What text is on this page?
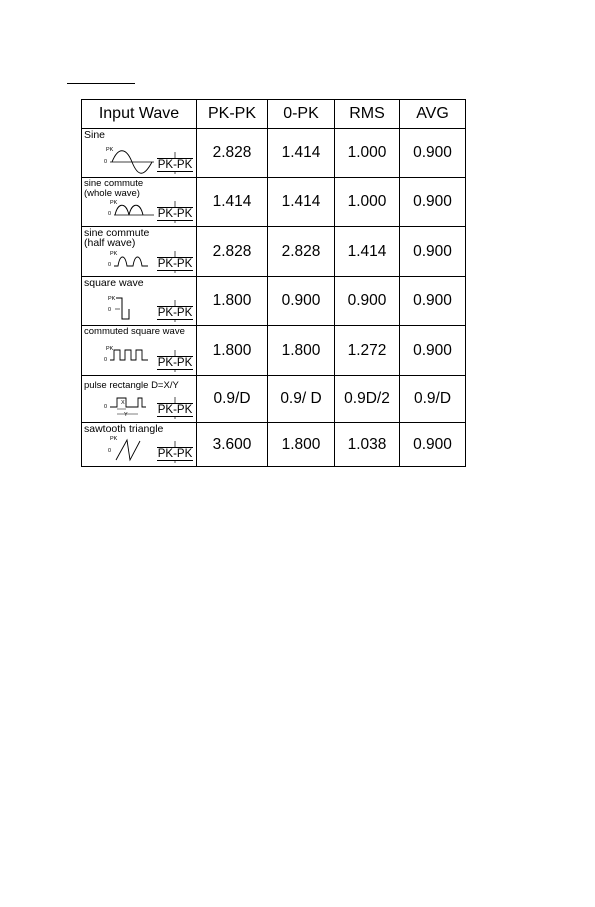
Input Wave	PK-PK	0-PK	RMS	AVG

Sine
PK
0 PK-PK	2.828	1.414	1.000	0.900

sine commute
(whole wave)
PK
0 PK-PK	1.414	1.414	1.000	0.900

sine commute
(half wave)
PK
0 PK-PK	2.828	2.828	1.414	0.900

square wave
PK
0 PK-PK	1.800	0.900	0.900	0.900

commuted square wave
PK
0 PK-PK	1.800	1.800	1.272	0.900

pulse rectangle D=X/Y
0
X
Y PK-PK	0.9/D	0.9/ D	0.9D/2	0.9/D

sawtooth triangle
PK
0 PK-PK	3.600	1.800	1.038	0.900
